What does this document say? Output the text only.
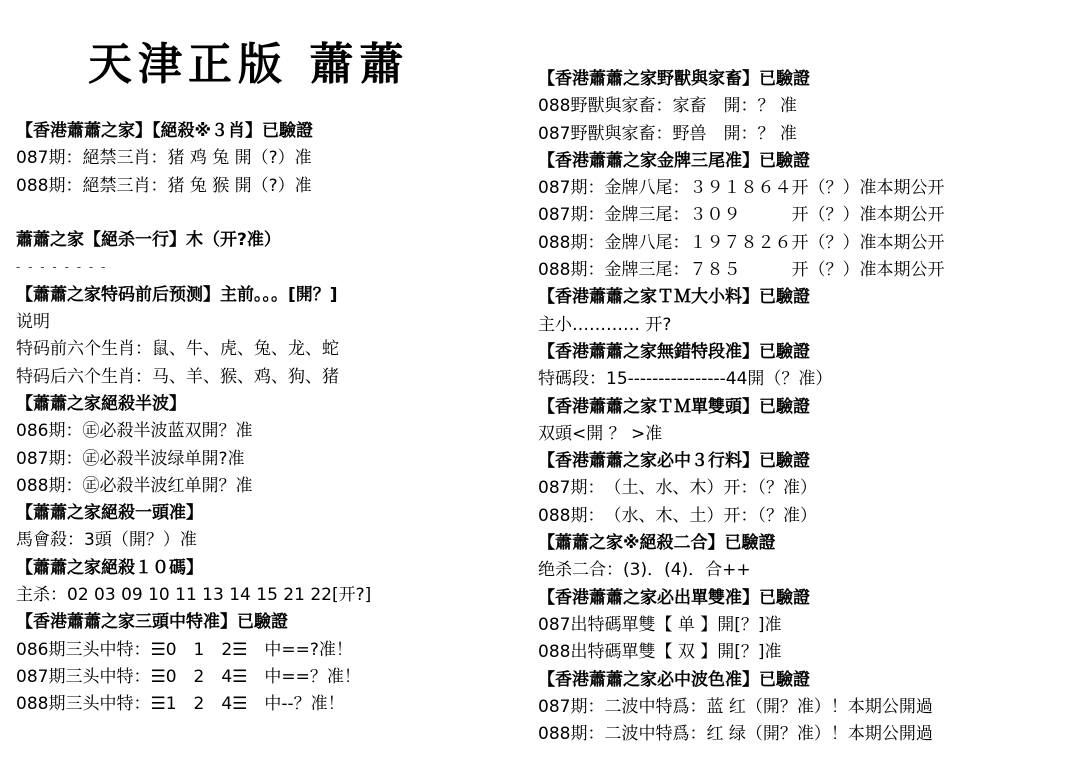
天津正版 蕭蕭
【香港蕭蕭之家】【絕殺※３肖】已驗證
087期：絕禁三肖：猪 鸡 兔 開（?）准
088期：絕禁三肖：猪 兔 猴 開（?）准
蕭蕭之家【絕杀一行】木（开?准）
- - - - - - - -
【蕭蕭之家特码前后预测】主前。。。[開？]
说明
特码前六个生肖：鼠、牛、虎、兔、龙、蛇
特码后六个生肖：马、羊、猴、鸡、狗、猪
【蕭蕭之家絕殺半波】
086期：㊣必殺半波蓝双開？准
087期：㊣必殺半波绿单開?准
088期：㊣必殺半波红单開？准
【蕭蕭之家絕殺一頭准】
馬會殺：3頭（開？）准
【蕭蕭之家絕殺１０碼】
主杀：02 03 09 10 11 13 14 15 21 22[开?]
【香港蕭蕭之家三頭中特准】已驗證
086期三头中特：☰0　1　2☰　中==?准！
087期三头中特：☰0　2　4☰　中==？准！
088期三头中特：☰1　2　4☰　中--？准！
【香港蕭蕭之家野獸與家畜】已驗證
088野獸與家畜：家畜　開：？ 准
087野獸與家畜：野兽　開：？ 准
【香港蕭蕭之家金牌三尾准】已驗證
087期：金牌八尾：３９１８６４开（？）准本期公开
087期：金牌三尾：３０９　　　开（？）准本期公开
088期：金牌八尾：１９７８２６开（？）准本期公开
088期：金牌三尾：７８５　　　开（？）准本期公开
【香港蕭蕭之家ＴＭ大小料】已驗證
主小………… 开?
【香港蕭蕭之家無錯特段准】已驗證
特碼段：15----------------44開（？准）
【香港蕭蕭之家ＴＭ單雙頭】已驗證
双頭<開 ？ >准
【香港蕭蕭之家必中３行料】已驗證
087期：　（土、水、木）开：（？准）
088期：　（水、木、土）开：（？准）
【蕭蕭之家※絕殺二合】已驗證
绝杀二合：(3)．(4)．合++
【香港蕭蕭之家必出單雙准】已驗證
087出特碼單雙【 单 】開[？]准
088出特碼單雙【 双 】開[？]准
【香港蕭蕭之家必中波色准】已驗證
087期：二波中特爲：蓝 红（開？准）！本期公開過
088期：二波中特爲：红 绿（開？准）！本期公開過
